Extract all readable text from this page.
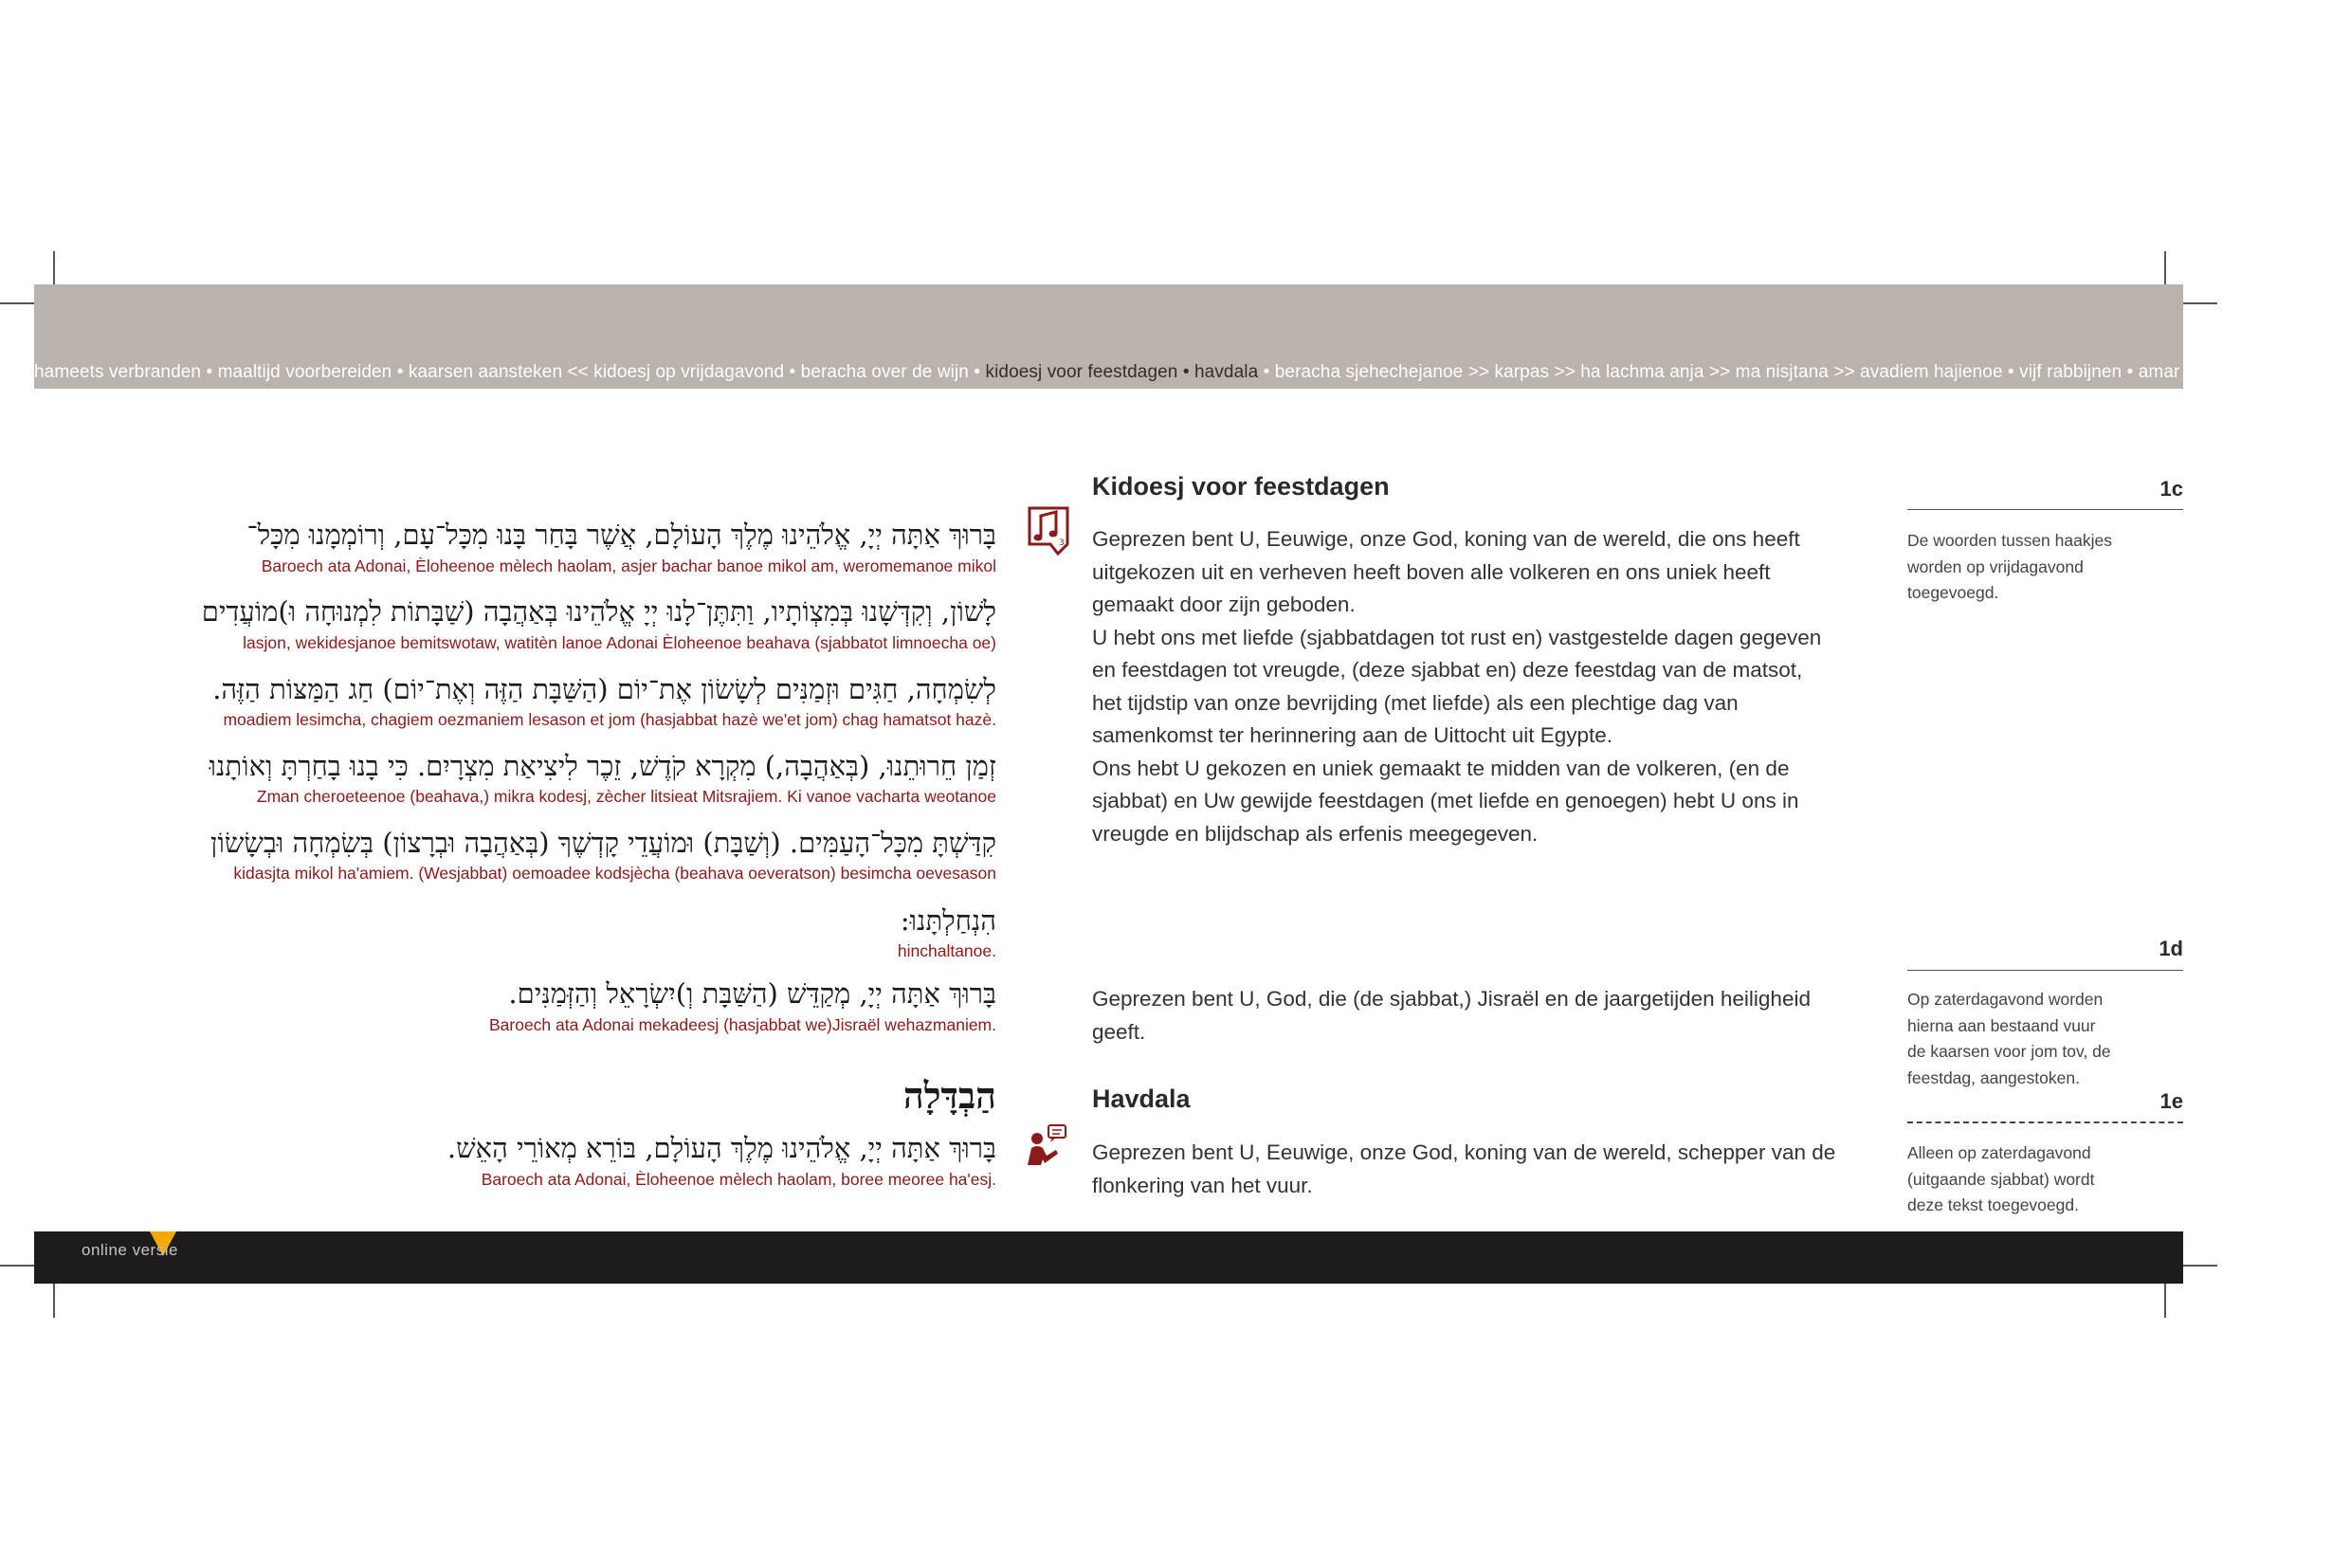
hameets verbranden • maaltijd voorbereiden • kaarsen aansteken << kidoesj op vrijdagavond • beracha over de wijn • kidoesj voor feestdagen • havdala • beracha sjehechejanoe >> karpas >> ha lachma anja >> ma nisjtana >> avadiem hajienoe • vijf rabbijnen • amar rabbi elazar << de
בָּרוּךְ אַתָּה יְיָ, אֱלֹהֵינוּ מֶלֶךְ הָעוֹלָם, אֲשֶׁר בָּחַר בָּנוּ מִכָּל־עָם, וְרוֹמְמָנוּ מִכָּל־
Baroech ata Adonai, Èloheenoe mèlech haolam, asjer bachar banoe mikol am, weromemanoe mikol
לָשׁוֹן, וְקִדְּשָׁנוּ בְּמִצְוֹתָיו, וַתִּתֶּן־לָנוּ יְיָ אֱלֹהֵינוּ בְּאַהֲבָה (שַׁבָּתוֹת לִמְנוּחָה וּ)מוֹעֲדִים
lasjon, wekidesjanoe bemitswotaw, watitèn lanoe Adonai Èloheenoe beahava (sjabbatot limnoecha oe)
לְשִׂמְחָה, חַגִּים וּזְמַנִּים לְשָׂשׂוֹן אֶת־יוֹם (הַשַּׁבָּת הַזֶּה וְאֶת־יוֹם) חַג הַמַּצּוֹת הַזֶּה.
moadiem lesimcha, chagiem oezmaniem lesason et jom (hasjabbat hazè we'et jom) chag hamatsot hazè.
זְמַן חֵרוּתֵנוּ, (בְּאַהֲבָה,) מִקְרָא קֹדֶשׁ, זֵכֶר לִיצִיאַת מִצְרָיִם. כִּי בָנוּ בָחַרְתָּ וְאוֹתָנוּ
Zman cheroeteenoe (beahava,) mikra kodesj, zècher litsieat Mitsrajiem. Ki vanoe vacharta weotanoe
קִדַּשְׁתָּ מִכָּל־הָעַמִּים. (וְשַׁבָּת) וּמוֹעֲדֵי קָדְשֶׁךָ (בְּאַהֲבָה וּבְרָצוֹן) בְּשִׂמְחָה וּבְשָׂשׂוֹן
kidasjta mikol ha'amiem. (Wesjabbat) oemoadee kodsjècha (beahava oeveratson) besimcha oevesason
הִנְחַלְתָּנוּ:
hinchaltanoe.
בָּרוּךְ אַתָּה יְיָ, מְקַדֵּשׁ (הַשַּׁבָּת וְ)יִשְׂרָאֵל וְהַזְּמַנִּים.
Baroech ata Adonai mekadeesj (hasjabbat we)Jisraël wehazmaniem.
הַבְדָּלָה
בָּרוּךְ אַתָּה יְיָ, אֱלֹהֵינוּ מֶלֶךְ הָעוֹלָם, בּוֹרֵא מְאוֹרֵי הָאֵשׁ.
Baroech ata Adonai, Èloheenoe mèlech haolam, boree meoree ha'esj.
3
Kidoesj voor feestdagen
Geprezen bent U, Eeuwige, onze God, koning van de wereld, die ons heeft
uitgekozen uit en verheven heeft boven alle volkeren en ons uniek heeft
gemaakt door zijn geboden.
U hebt ons met liefde (sjabbatdagen tot rust en) vastgestelde dagen gegeven
en feestdagen tot vreugde, (deze sjabbat en) deze feestdag van de matsot,
het tijdstip van onze bevrijding (met liefde) als een plechtige dag van
samenkomst ter herinnering aan de Uittocht uit Egypte.
Ons hebt U gekozen en uniek gemaakt te midden van de volkeren, (en de
sjabbat) en Uw gewijde feestdagen (met liefde en genoegen) hebt U ons in
vreugde en blijdschap als erfenis meegegeven.
Geprezen bent U, God, die (de sjabbat,) Jisraël en de jaargetijden heiligheid
geeft.
Havdala
Geprezen bent U, Eeuwige, onze God, koning van de wereld, schepper van de
flonkering van het vuur.
1c
De woorden tussen haakjes
worden op vrijdagavond
toegevoegd.
1d
Op zaterdagavond worden
hierna aan bestaand vuur
de kaarsen voor jom tov, de
feestdag, aangestoken.
1e
Alleen op zaterdagavond
(uitgaande sjabbat) wordt
deze tekst toegevoegd.
online versie
